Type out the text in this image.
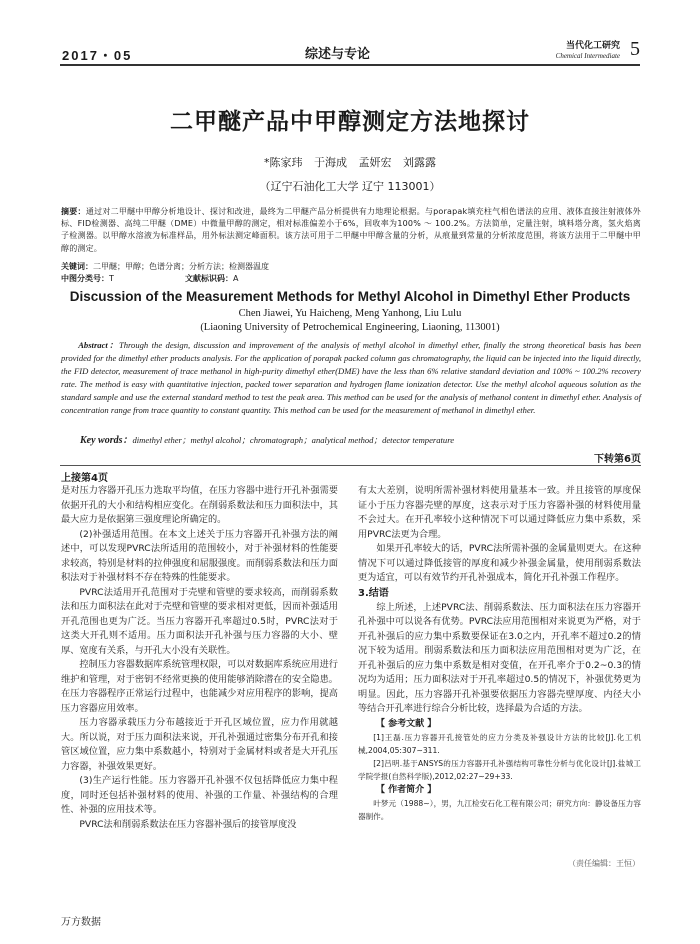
2017・05	综述与专论
当代化工研究
Chemical Intermediate 5
二甲醚产品中甲醇测定方法地探讨
*陈家玮 于海成 孟妍宏 刘露露
（辽宁石油化工大学 辽宁 113001）
摘要：通过对二甲醚中甲醇分析地设计、探讨和改进，最终为二甲醚产品分析提供有力地理论根据。与porapak填充柱气相色谱法的应用、液体直接注射液体外标、FID检测器、高纯二甲醚（DME）中微量甲醇的测定，相对标准偏差小于6%，回收率为100% ～ 100.2%。方法简单，定量注射，填料塔分离，氢火焰离子检测器。以甲醇水溶液为标准样品，用外标法测定峰面积。该方法可用于二甲醚中甲醇含量的分析，从痕量到常量的分析浓度范围，将该方法用于二甲醚中甲醇的测定。
关键词：二甲醚；甲醇；色谱分离；分析方法；检测器温度
中图分类号：T	文献标识码：A
Discussion of the Measurement Methods for Methyl Alcohol in Dimethyl Ether Products
Chen Jiawei, Yu Haicheng, Meng Yanhong, Liu Lulu
(Liaoning University of Petrochemical Engineering, Liaoning, 113001)
Abstract：Through the design, discussion and improvement of the analysis of methyl alcohol in dimethyl ether, finally the strong theoretical basis has been provided for the dimethyl ether products analysis. For the application of porapak packed column gas chromatography, the liquid can be injected into the liquid directly, the FID detector, measurement of trace methanol in high-purity dimethyl ether(DME) have the less than 6% relative standard deviation and 100% ~ 100.2% recovery rate. The method is easy with quantitative injection, packed tower separation and hydrogen flame ionization detector. Use the methyl alcohol aqueous solution as the standard sample and use the external standard method to test the peak area. This method can be used for the analysis of methanol content in dimethyl ether. Analysis of concentration range from trace quantity to constant quantity. This method can be used for the measurement of methanol in dimethyl ether.
Key words：dimethyl ether；methyl alcohol；chromatograph；analytical method；detector temperature
下转第6页
上接第4页

是对压力容器开孔压力选取平均值，在压力容器中进行开孔补强需要依据开孔的大小和结构相应变化。在削弱系数法和压力面积法中，其最大应力是依据第三强度理论所确定的。

(2)补强适用范围。在本文上述关于压力容器开孔补强方法的阐述中，可以发现PVRC法所适用的范围较小，对于补强材料的性能要求较高，特别是材料的拉伸强度和屈服强度。而削弱系数法和压力面积法对于补强材料不存在特殊的性能要求。

PVRC法适用开孔范围对于壳壁和管壁的要求较高，而削弱系数法和压力面积法在此对于壳壁和管壁的要求相对更低，因而补强适用开孔范围也更为广泛。当压力容器开孔率超过0.5时，PVRC法对于这类大开孔则不适用。压力面积法开孔补强与压力容器的大小、壁厚、宽度有关系，与开孔大小没有关联性。

控制压力容器数据库系统管理权限，可以对数据库系统应用进行维护和管理，对于密钥不经常更换的使用能够消除潜在的安全隐患。在压力容器程序正常运行过程中，也能减少对应用程序的影响，提高压力容器应用效率。

压力容器承载压力分布越接近于开孔区域位置，应力作用就越大。所以说，对于压力面积法来说，开孔补强通过密集分布开孔和接管区域位置，应力集中系数越小，特别对于金属材料或者是大开孔压力容器，补强效果更好。

(3)生产运行性能。压力容器开孔补强不仅包括降低应力集中程度，同时还包括补强材料的使用、补强的工作量、补强结构的合理性、补强的应用技术等。

PVRC法和削弱系数法在压力容器补强后的接管厚度没

有太大差别，说明所需补强材料使用量基本一致。并且接管的厚度保证小于压力容器壳壁的厚度，这表示对于压力容器补强的材料使用量不会过大。在开孔率较小这种情况下可以通过降低应力集中系数，采用PVRC法更为合理。

如果开孔率较大的话，PVRC法所需补强的金属量则更大。在这种情况下可以通过降低接管的厚度和减少补强金属量，使用削弱系数法更为适宜，可以有效节约开孔补强成本，简化开孔补强工作程序。

3.结语

综上所述，上述PVRC法、削弱系数法、压力面积法在压力容器开孔补强中可以说各有优势。PVRC法应用范围相对来说更为严格，对于开孔补强后的应力集中系数要保证在3.0之内，开孔率不超过0.2的情况下较为适用。削弱系数法和压力面积法应用范围相对更为广泛，在开孔补强后的应力集中系数是相对变值，在开孔率介于0.2~0.3的情况均为适用；压力面积法对于开孔率超过0.5的情况下，补强优势更为明显。因此，压力容器开孔补强要依据压力容器壳壁厚度、内径大小等结合开孔率进行综合分析比较，选择最为合适的方法。

【 参考文献 】
[1]王磊.压力容器开孔接管处的应力分类及补强设计方法的比较[J].化工机械,2004,05:307~311.
[2]吕明.基于ANSYS的压力容器开孔补强结构可靠性分析与优化设计[J].盐城工学院学报(自然科学版),2012,02:27~29+33.
【 作者简介 】
叶梦元（1988~），男，九江检安石化工程有限公司；研究方向：静设备压力容器制作。
（责任编辑：王恒）
万方数据
